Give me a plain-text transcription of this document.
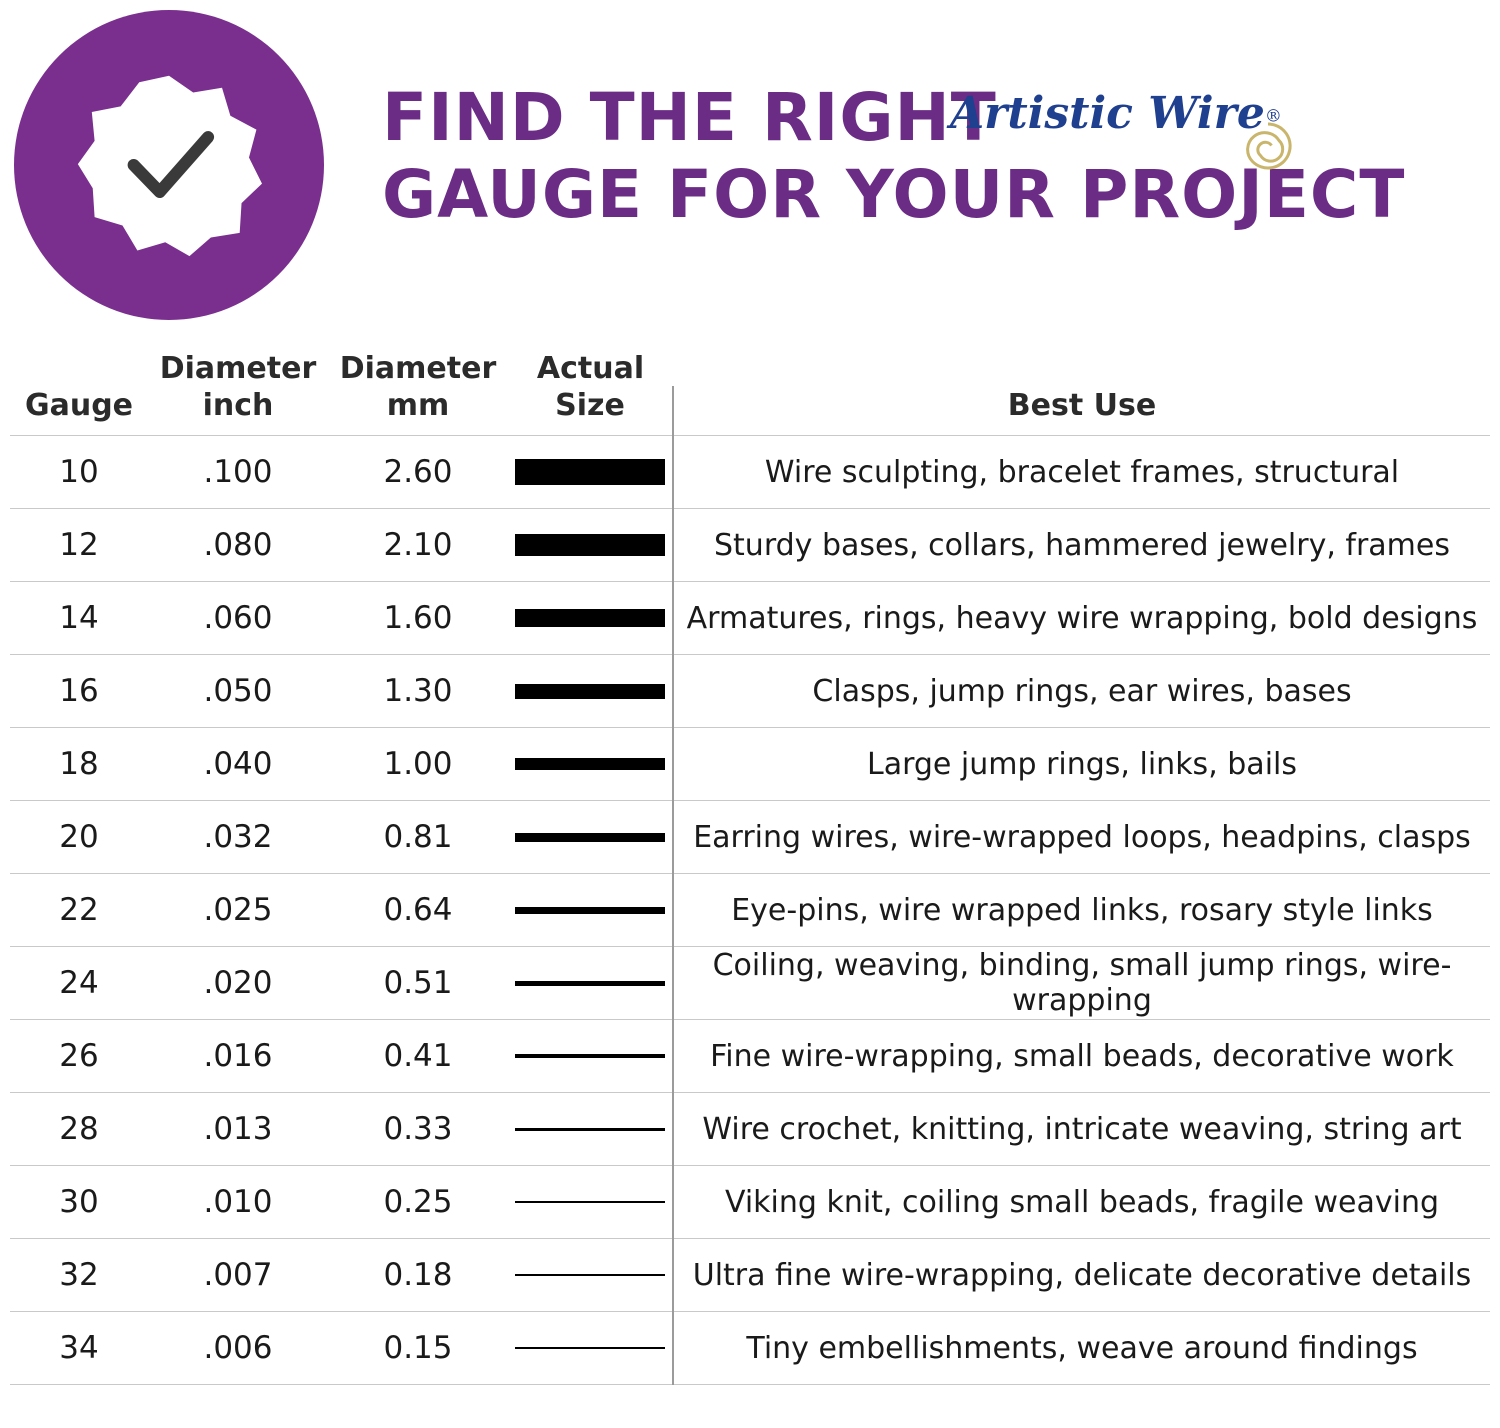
FIND THE RIGHT
GAUGE FOR YOUR PROJECT
Artistic Wire®
	Diameter	Diameter	Actual	
Gauge	inch	mm	Size	Best Use
10	.100	2.60		Wire sculpting, bracelet frames, structural
12	.080	2.10		Sturdy bases, collars, hammered jewelry, frames
14	.060	1.60		Armatures, rings, heavy wire wrapping, bold designs
16	.050	1.30		Clasps, jump rings, ear wires, bases
18	.040	1.00		Large jump rings, links, bails
20	.032	0.81		Earring wires, wire-wrapped loops, headpins, clasps
22	.025	0.64		Eye-pins, wire wrapped links, rosary style links
24	.020	0.51		Coiling, weaving, binding, small jump rings, wire-wrapping
26	.016	0.41		Fine wire-wrapping, small beads, decorative work
28	.013	0.33		Wire crochet, knitting, intricate weaving, string art
30	.010	0.25		Viking knit, coiling small beads, fragile weaving
32	.007	0.18		Ultra fine wire-wrapping, delicate decorative details
34	.006	0.15		Tiny embellishments, weave around findings
